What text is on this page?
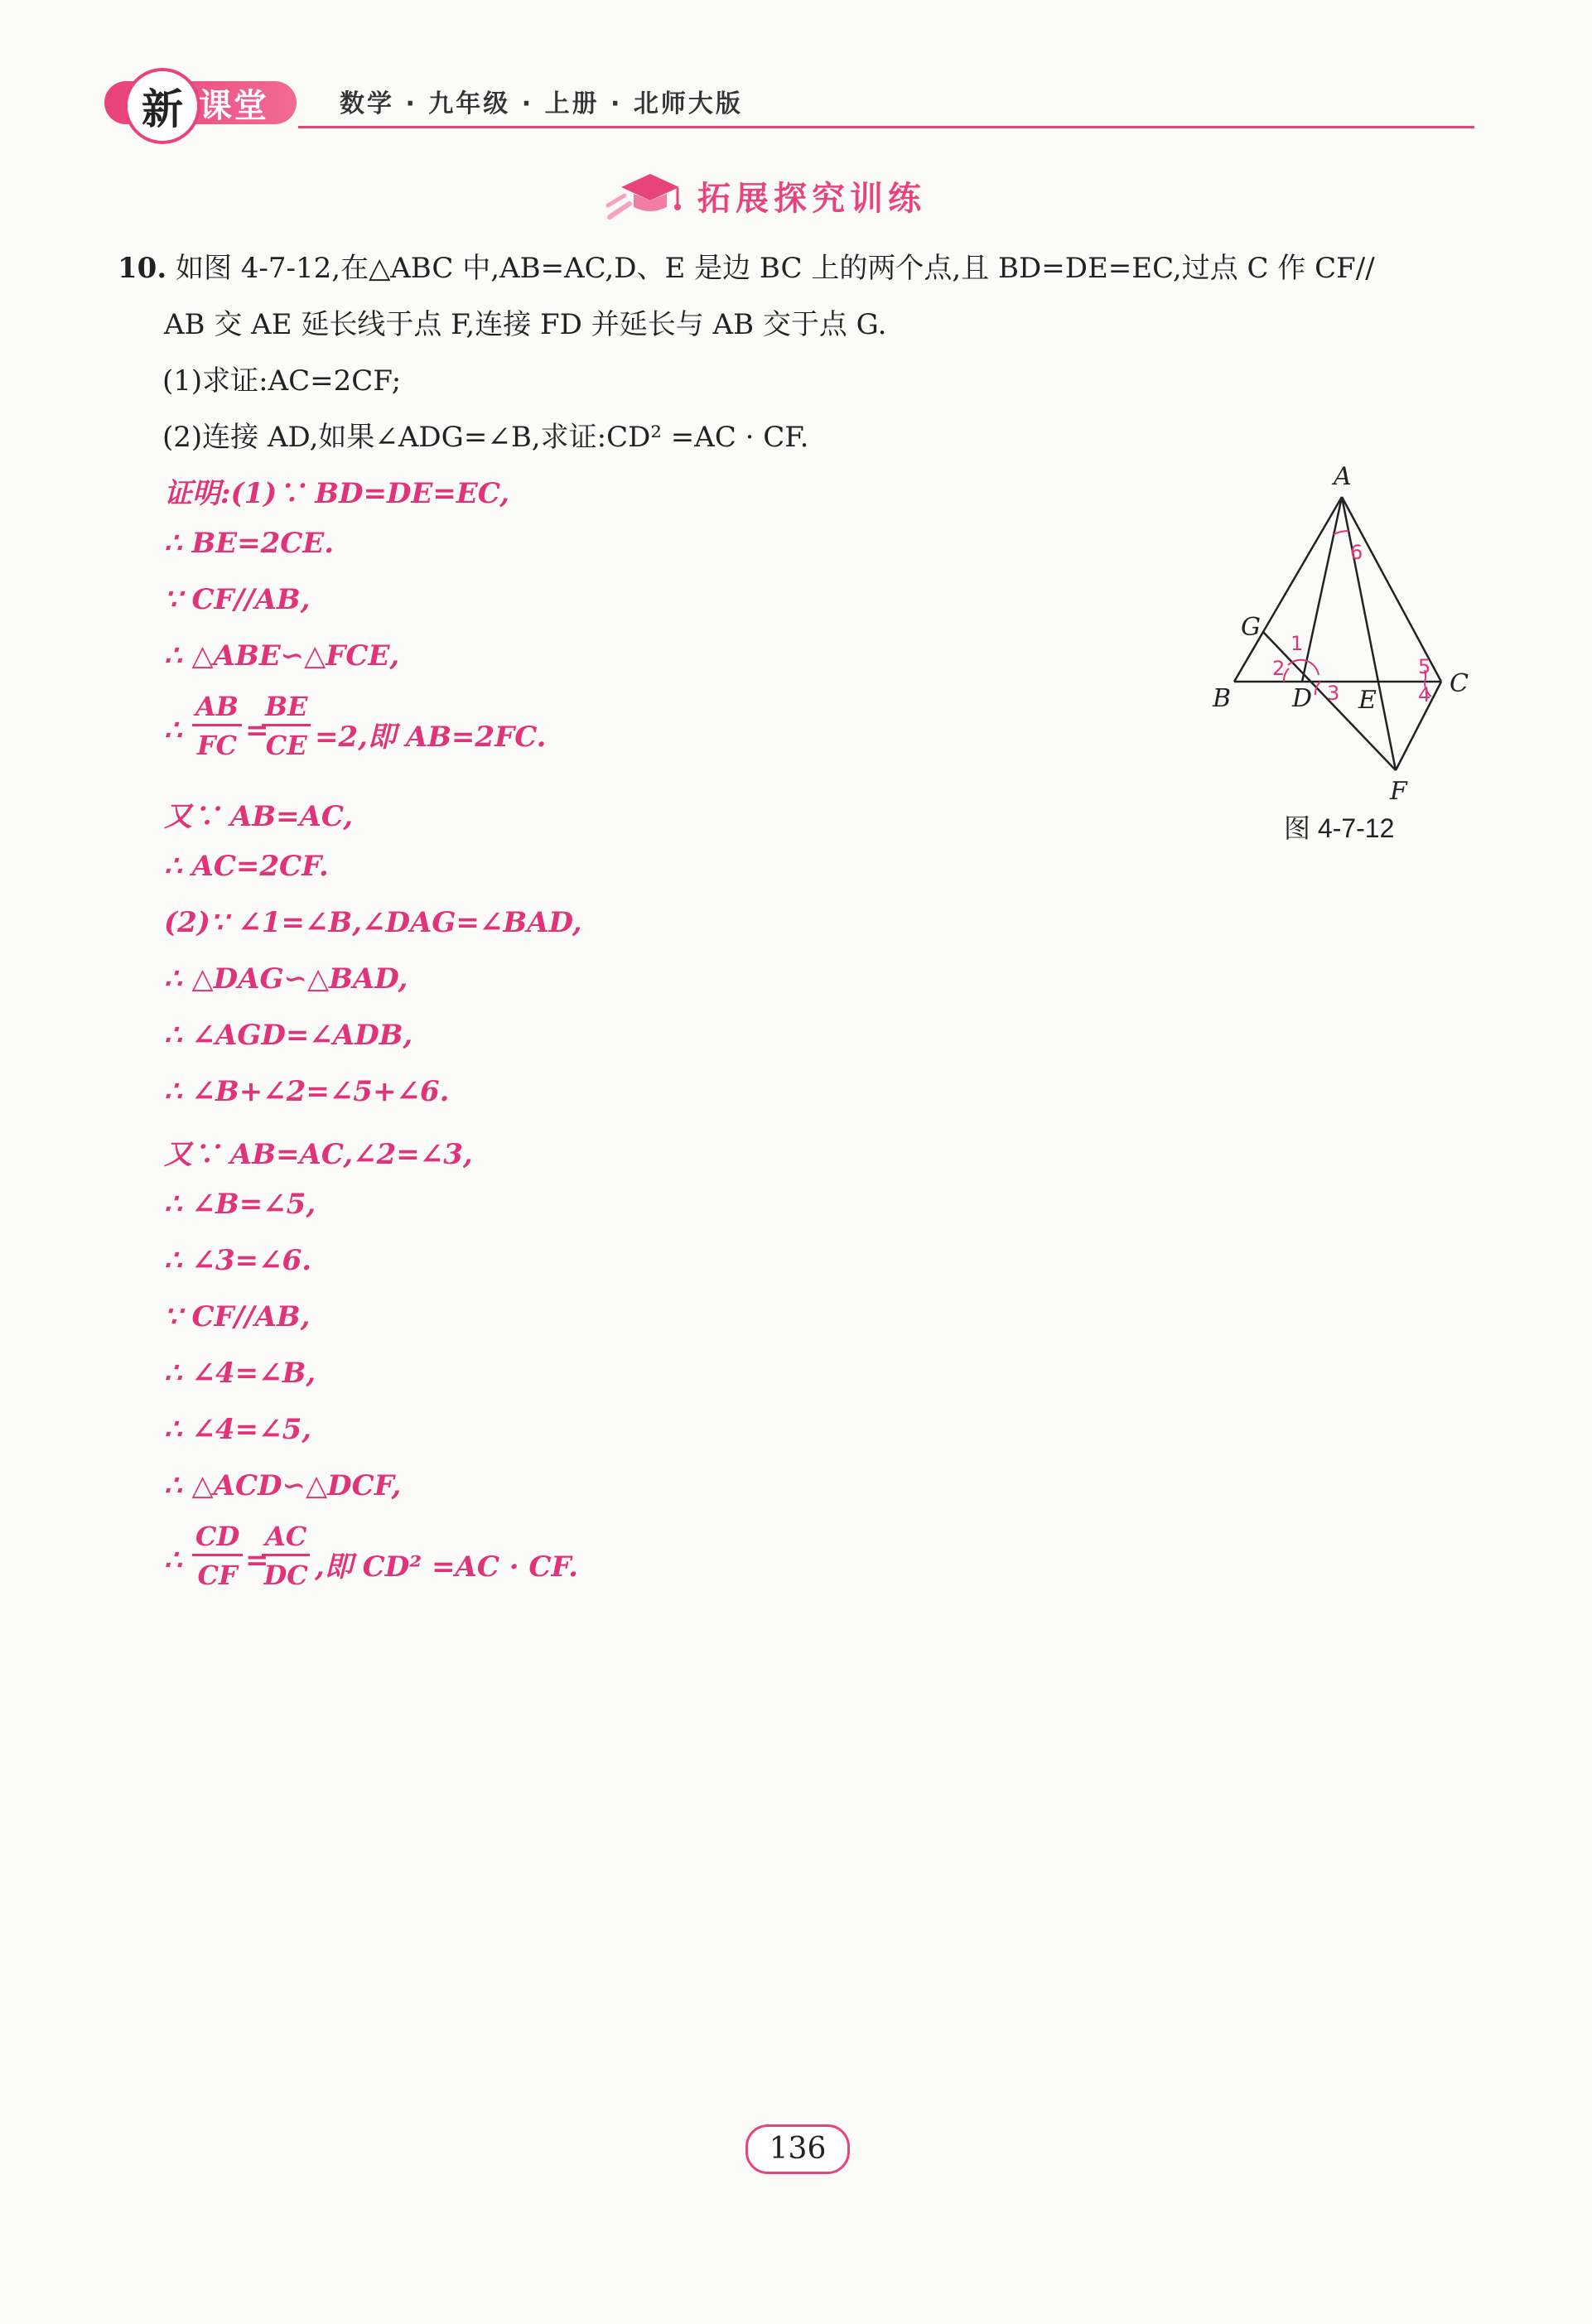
新 课堂	数学 · 九年级 · 上册 · 北师大版
拓展探究训练
10. 如图 4-7-12,在△ABC 中,AB=AC,D、E 是边 BC 上的两个点,且 BD=DE=EC,过点 C 作 CF//
AB 交 AE 延长线于点 F,连接 FD 并延长与 AB 交于点 G.
(1)求证:AC=2CF;
(2)连接 AD,如果∠ADG=∠B,求证:CD² =AC · CF.
证明:(1)∵ BD=DE=EC,
∴ BE=2CE.
∵ CF//AB,
∴ △ABE∽△FCE,
∴ $\frac{AB}{FC}$ =
$\frac{BE}{CE} =2$,即 AB=2FC.
又∵ AB=AC,
∴ AC=2CF.
(2)∵ ∠1=∠B,∠DAG=∠BAD,
∴ △DAG∽△BAD,
∴ ∠AGD=∠ADB,
∴ ∠B+∠2=∠5+∠6.
又∵ AB=AC,∠2=∠3,
∴ ∠B=∠5,
∴ ∠3=∠6.
∵ CF//AB,
∴ ∠4=∠B,
∴ ∠4=∠5,
∴ △ACD∽△DCF,
∴ $\frac{CD}{CF}$ =
$\frac{AC}{DC}$ ,即 CD² =AC · CF.
A
B
C
D E
F
G
1
2
3	4
5
6
图 4-7-12
136
